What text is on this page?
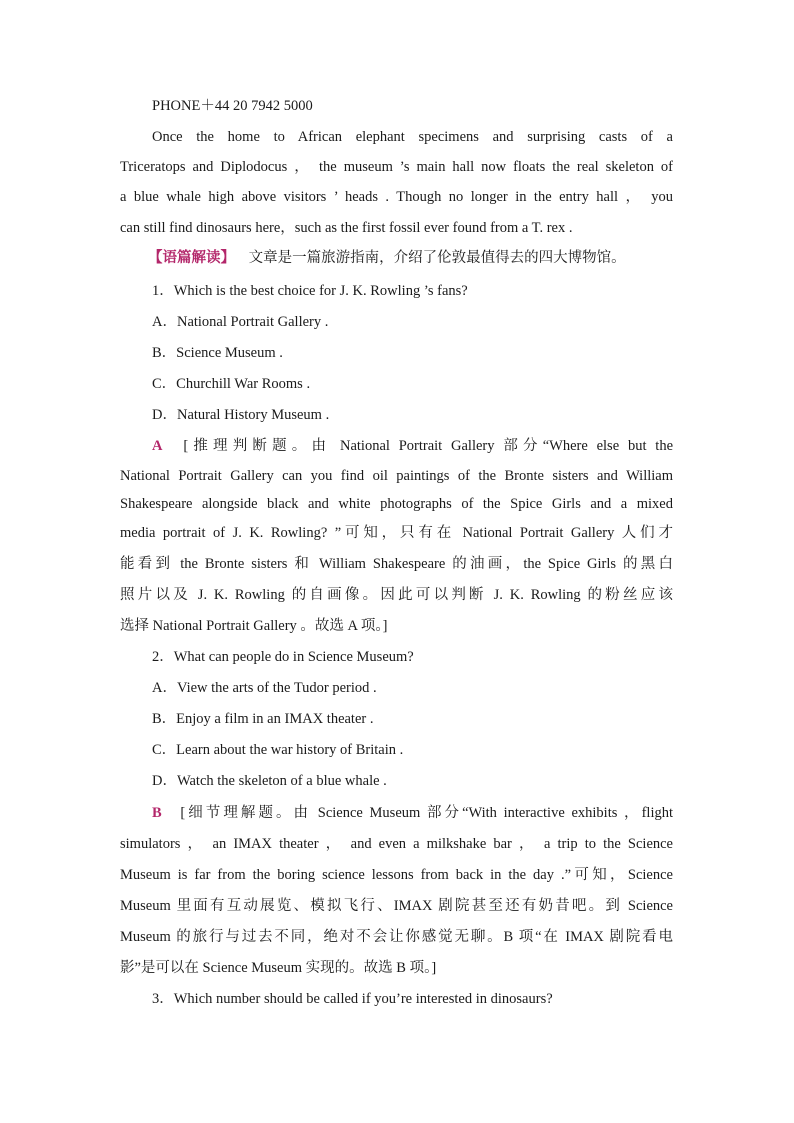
PHONE＋44 20 7942 5000
Once the home to African elephant specimens and surprising casts of a
Triceratops and Diplodocus ， the museum ’s main hall now floats the real skeleton of
a blue whale high above visitors ’ heads . Though no longer in the entry hall ， you
can still find dinosaurs here，such as the first fossil ever found from a T. rex .
【语篇解读】 文章是一篇旅游指南，介绍了伦敦最值得去的四大博物馆。
1．Which is the best choice for J. K. Rowling ’s fans?
A．National Portrait Gallery .
B．Science Museum .
C．Churchill War Rooms .
D．Natural History Museum .
A [推理判断题。由 National Portrait Gallery 部分“Where else but the
National Portrait Gallery can you find oil paintings of the Bronte sisters and William
Shakespeare alongside black and white photographs of the Spice Girls and a mixed
media portrait of J. K. Rowling? ”可知，只有在 National Portrait Gallery 人们才
能看到 the Bronte sisters 和 William Shakespeare 的油画，the Spice Girls 的黑白
照片以及 J. K. Rowling 的自画像。因此可以判断 J. K. Rowling 的粉丝应该
选择 National Portrait Gallery 。故选 A 项。]
2．What can people do in Science Museum?
A．View the arts of the Tudor period .
B．Enjoy a film in an IMAX theater .
C．Learn about the war history of Britain .
D．Watch the skeleton of a blue whale .
B [细节理解题。由 Science Museum 部分“With interactive exhibits ，flight
simulators ， an IMAX theater ， and even a milkshake bar ， a trip to the Science
Museum is far from the boring science lessons from back in the day .”可知，Science
Museum 里面有互动展览、模拟飞行、IMAX 剧院甚至还有奶昔吧。到 Science
Museum 的旅行与过去不同，绝对不会让你感觉无聊。B 项“在 IMAX 剧院看电
影”是可以在 Science Museum 实现的。故选 B 项。]
3．Which number should be called if you’re interested in dinosaurs?
